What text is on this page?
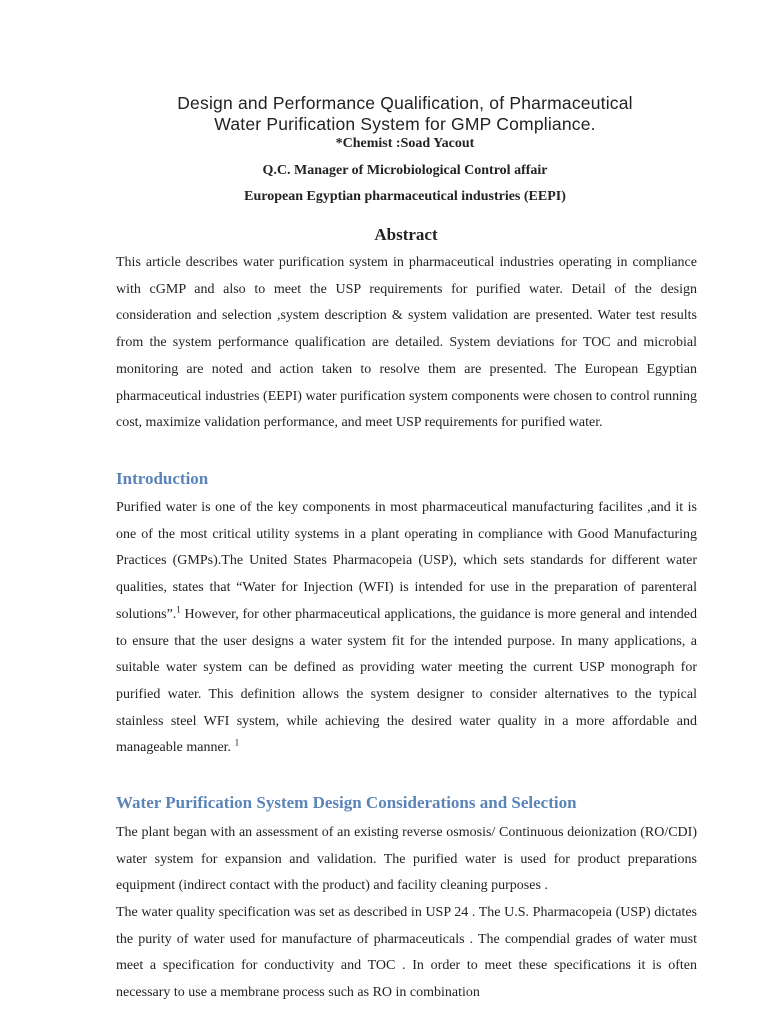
Design and Performance Qualification, of Pharmaceutical
Water Purification System for GMP Compliance.
*Chemist :Soad Yacout
Q.C. Manager of Microbiological Control affair
European Egyptian pharmaceutical industries (EEPI)
Abstract

This article describes water purification system in pharmaceutical industries operating in compliance with cGMP and also to meet the USP requirements for purified water. Detail of the design consideration and selection ,system description & system validation are presented. Water test results from the system performance qualification are detailed. System deviations for TOC and microbial monitoring are noted and action taken to resolve them are presented. The European Egyptian pharmaceutical industries (EEPI) water purification system components were chosen to control running cost, maximize validation performance, and meet USP requirements for purified water.

Introduction

Purified water is one of the key components in most pharmaceutical manufacturing facilites ,and it is one of the most critical utility systems in a plant operating in compliance with Good Manufacturing Practices (GMPs).The United States Pharmacopeia (USP), which sets standards for different water qualities, states that “Water for Injection (WFI) is intended for use in the preparation of parenteral solutions”.$^1$ However, for other pharmaceutical applications, the guidance is more general and intended to ensure that the user designs a water system fit for the intended purpose. In many applications, a suitable water system can be defined as providing water meeting the current USP monograph for purified water. This definition allows the system designer to consider alternatives to the typical stainless steel WFI system, while achieving the desired water quality in a more affordable and manageable manner. $^1$

Water Purification System Design Considerations and Selection

The plant began with an assessment of an existing reverse osmosis/ Continuous deionization (RO/CDI) water system for expansion and validation. The purified water is used for product preparations equipment (indirect contact with the product) and facility cleaning purposes .

The water quality specification was set as described in USP 24 . The U.S. Pharmacopeia (USP) dictates the purity of water used for manufacture of pharmaceuticals . The compendial grades of water must meet a specification for conductivity and TOC . In order to meet these specifications it is often necessary to use a membrane process such as RO in combination
